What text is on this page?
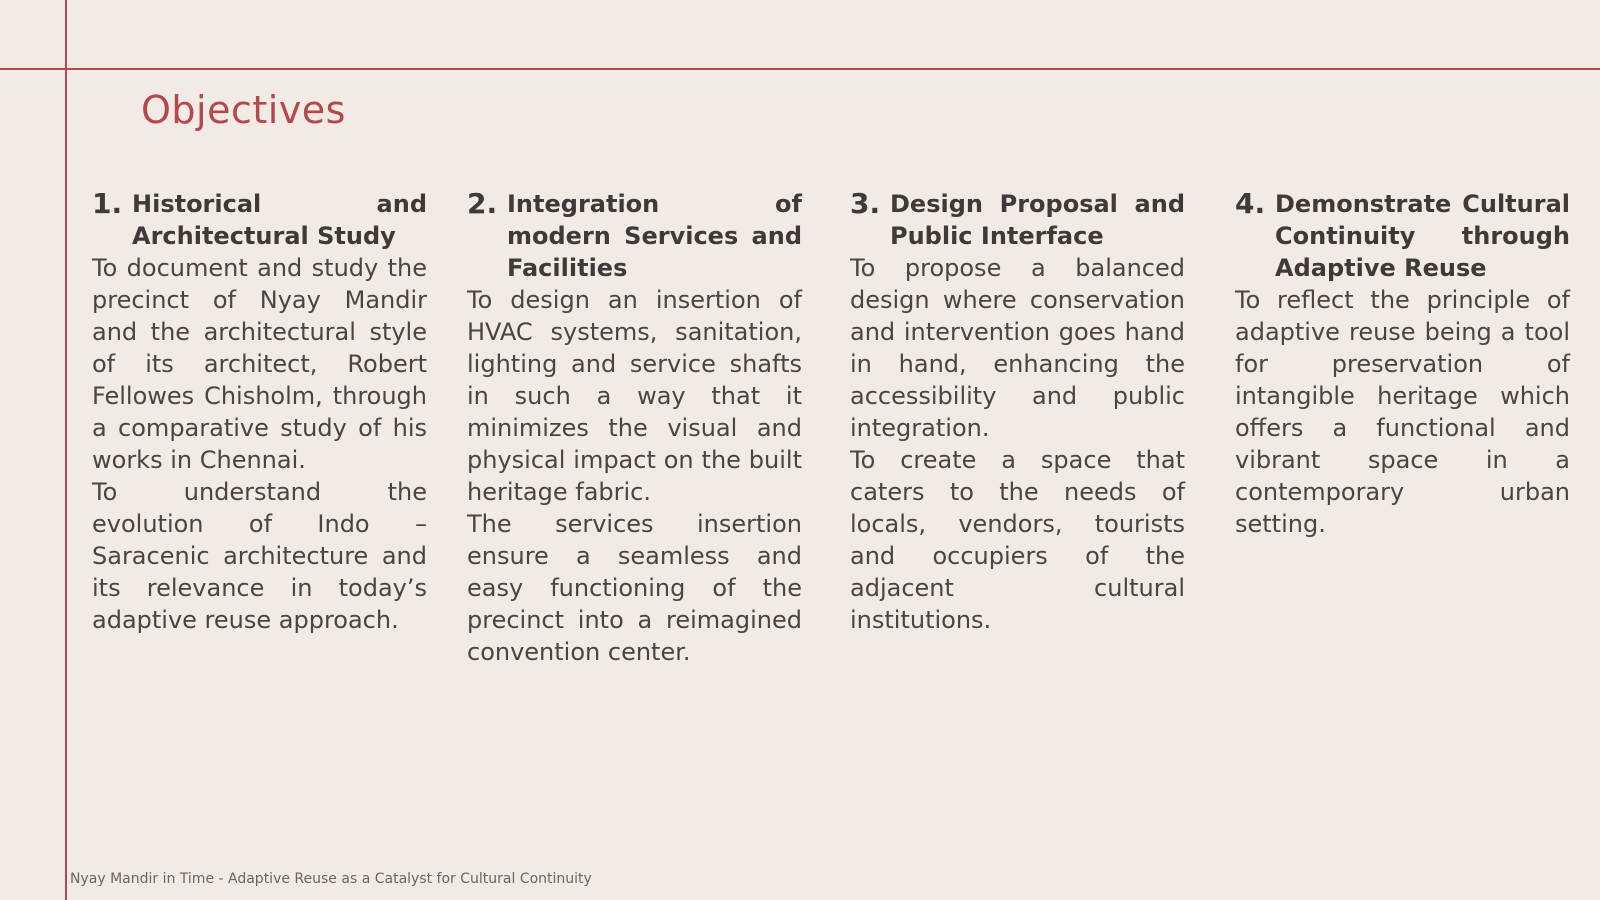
Objectives
1. Historical and Architectural Study

To document and study the precinct of Nyay Mandir and the architectural style of its architect, Robert Fellowes Chisholm, through a comparative study of his works in Chennai.

To understand the evolution of Indo – Saracenic architecture and its relevance in today’s adaptive reuse approach.

2. Integration of modern Services and Facilities

To design an insertion of HVAC systems, sanitation, lighting and service shafts in such a way that it minimizes the visual and physical impact on the built heritage fabric.

The services insertion ensure a seamless and easy functioning of the precinct into a reimagined convention center.

3. Design Proposal and Public Interface

To propose a balanced design where conservation and intervention goes hand in hand, enhancing the accessibility and public integration.

To create a space that caters to the needs of locals, vendors, tourists and occupiers of the adjacent cultural institutions.

4. Demonstrate Cultural Continuity through Adaptive Reuse

To reflect the principle of adaptive reuse being a tool for preservation of intangible heritage which offers a functional and vibrant space in a contemporary urban setting.

Nyay Mandir in Time - Adaptive Reuse as a Catalyst for Cultural Continuity
